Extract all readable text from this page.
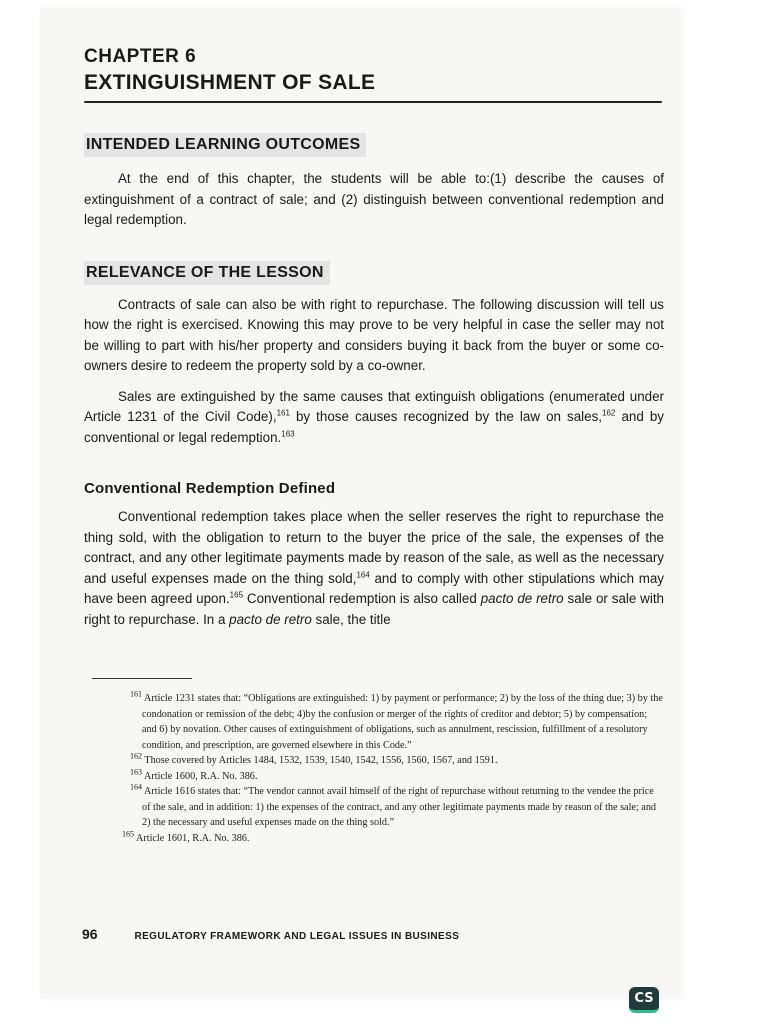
CHAPTER 6
EXTINGUISHMENT OF SALE
INTENDED LEARNING OUTCOMES

At the end of this chapter, the students will be able to:(1) describe the causes of extinguishment of a contract of sale; and (2) distinguish between conventional redemption and legal redemption.

RELEVANCE OF THE LESSON

Contracts of sale can also be with right to repurchase. The following discussion will tell us how the right is exercised. Knowing this may prove to be very helpful in case the seller may not be willing to part with his/her property and considers buying it back from the buyer or some co-owners desire to redeem the property sold by a co-owner.

Sales are extinguished by the same causes that extinguish obligations (enumerated under Article 1231 of the Civil Code),$^{161}$ by those causes recognized by the law on sales,$^{162}$ and by conventional or legal redemption.$^{163}$

Conventional Redemption Defined

Conventional redemption takes place when the seller reserves the right to repurchase the thing sold, with the obligation to return to the buyer the price of the sale, the expenses of the contract, and any other legitimate payments made by reason of the sale, as well as the necessary and useful expenses made on the thing sold,$^{164}$ and to comply with other stipulations which may have been agreed upon.$^{165}$ Conventional redemption is also called pacto de retro sale or sale with right to repurchase. In a pacto de retro sale, the title

$^{161}$ Article 1231 states that: “Obligations are extinguished: 1) by payment or performance; 2) by the loss of the thing due; 3) by the condonation or remission of the debt; 4)by the confusion or merger of the rights of creditor and debtor; 5) by compensation; and 6) by novation. Other causes of extinguishment of obligations, such as annulment, rescission, fulfillment of a resolutory condition, and prescription, are governed elsewhere in this Code.”

$^{162}$ Those covered by Articles 1484, 1532, 1539, 1540, 1542, 1556, 1560, 1567, and 1591.

$^{163}$ Article 1600, R.A. No. 386.

$^{164}$ Article 1616 states that: “The vendor cannot avail himself of the right of repurchase without returning to the vendee the price of the sale, and in addition: 1) the expenses of the contract, and any other legitimate payments made by reason of the sale; and 2) the necessary and useful expenses made on the thing sold.”

$^{165}$ Article 1601, R.A. No. 386.

96	REGULATORY FRAMEWORK AND LEGAL ISSUES IN BUSINESS
CS
